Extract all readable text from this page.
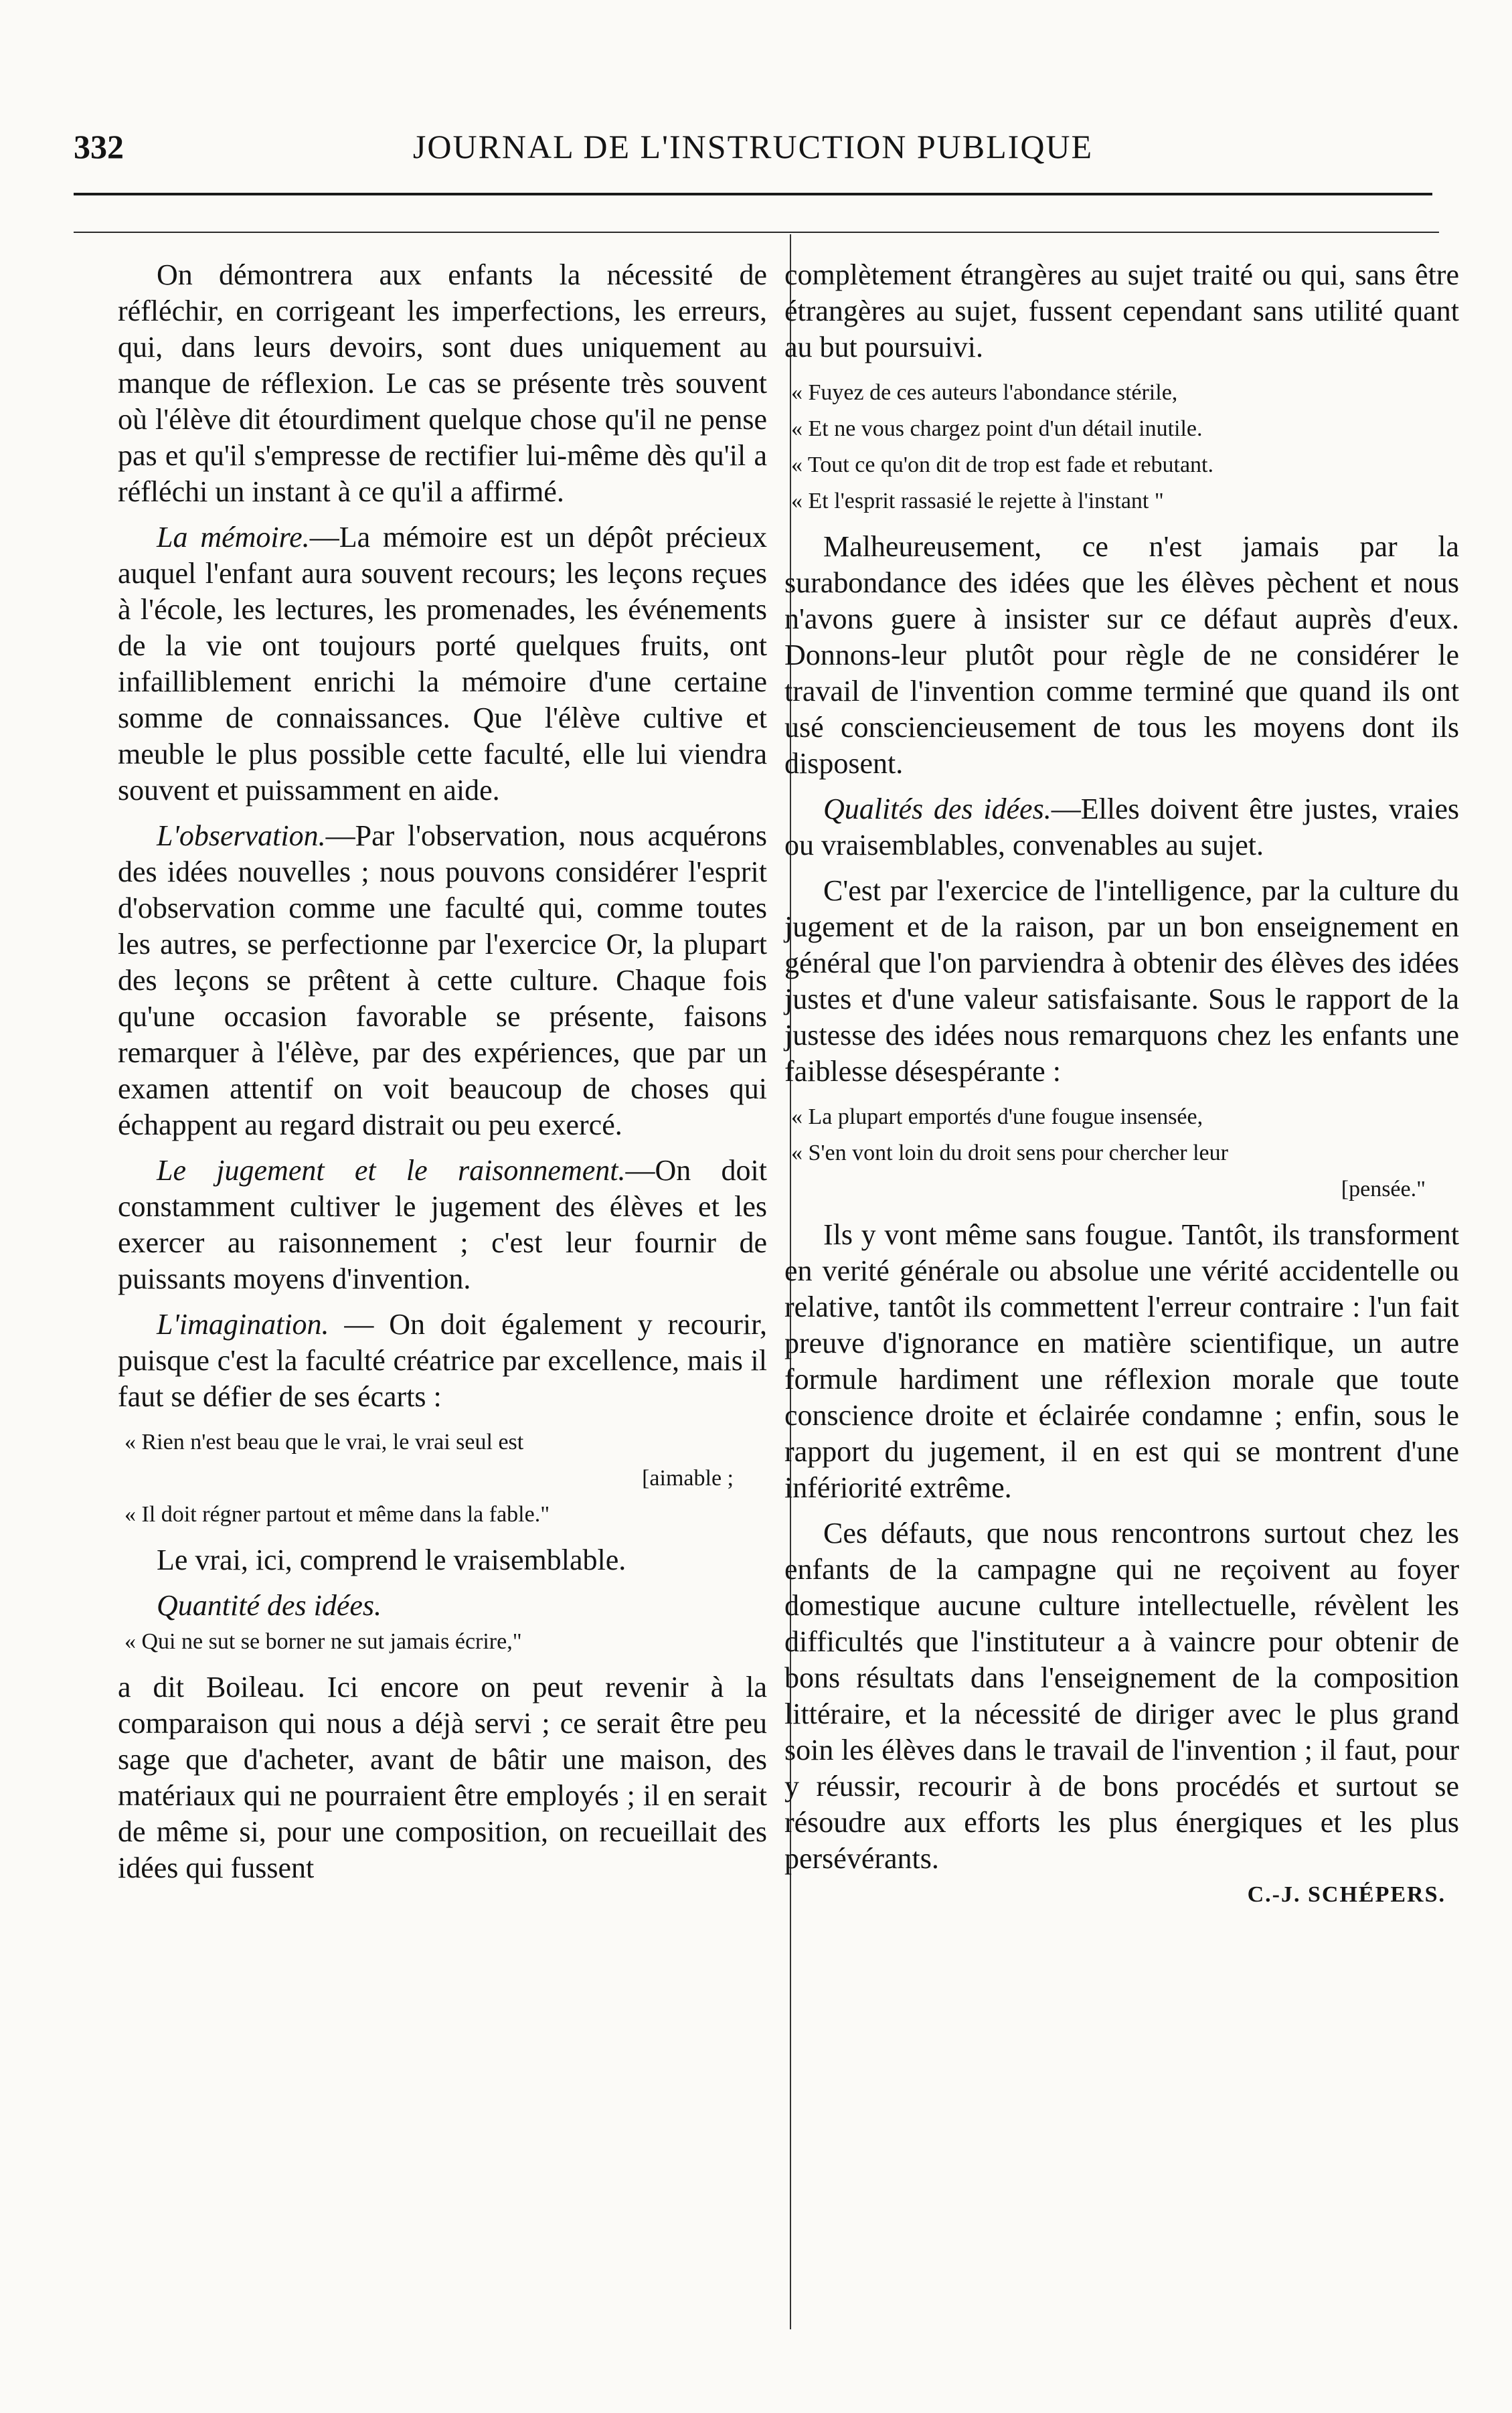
332	JOURNAL DE L'INSTRUCTION PUBLIQUE

On démontrera aux enfants la nécessité de réfléchir, en corrigeant les imperfections, les erreurs, qui, dans leurs devoirs, sont dues uniquement au manque de réflexion. Le cas se présente très souvent où l'élève dit étourdiment quelque chose qu'il ne pense pas et qu'il s'empresse de rectifier lui-même dès qu'il a réfléchi un instant à ce qu'il a affirmé.

La mémoire.—La mémoire est un dépôt précieux auquel l'enfant aura souvent recours; les leçons reçues à l'école, les lectures, les promenades, les événements de la vie ont toujours porté quelques fruits, ont infailliblement enrichi la mémoire d'une certaine somme de connaissances. Que l'élève cultive et meuble le plus possible cette faculté, elle lui viendra souvent et puissamment en aide.

L'observation.—Par l'observation, nous acquérons des idées nouvelles ; nous pouvons considérer l'esprit d'observation comme une faculté qui, comme toutes les autres, se perfectionne par l'exercice Or, la plupart des leçons se prêtent à cette culture. Chaque fois qu'une occasion favorable se présente, faisons remarquer à l'élève, par des expériences, que par un examen attentif on voit beaucoup de choses qui échappent au regard distrait ou peu exercé.

Le jugement et le raisonnement.—On doit constamment cultiver le jugement des élèves et les exercer au raisonnement ; c'est leur fournir de puissants moyens d'invention.

L'imagination. — On doit également y recourir, puisque c'est la faculté créatrice par excellence, mais il faut se défier de ses écarts :

« Rien n'est beau que le vrai, le vrai seul est

[aimable ;

« Il doit régner partout et même dans la fable."

Le vrai, ici, comprend le vraisemblable.

Quantité des idées.

« Qui ne sut se borner ne sut jamais écrire,"

a dit Boileau. Ici encore on peut revenir à la comparaison qui nous a déjà servi ; ce serait être peu sage que d'acheter, avant de bâtir une maison, des matériaux qui ne pourraient être employés ; il en serait de même si, pour une composition, on recueillait des idées qui fussent

complètement étrangères au sujet traité ou qui, sans être étrangères au sujet, fussent cependant sans utilité quant au but poursuivi.

« Fuyez de ces auteurs l'abondance stérile,

« Et ne vous chargez point d'un détail inutile.

« Tout ce qu'on dit de trop est fade et rebutant.

« Et l'esprit rassasié le rejette à l'instant "

Malheureusement, ce n'est jamais par la surabondance des idées que les élèves pèchent et nous n'avons guere à insister sur ce défaut auprès d'eux. Donnons-leur plutôt pour règle de ne considérer le travail de l'invention comme terminé que quand ils ont usé consciencieusement de tous les moyens dont ils disposent.

Qualités des idées.—Elles doivent être justes, vraies ou vraisemblables, convenables au sujet.

C'est par l'exercice de l'intelligence, par la culture du jugement et de la raison, par un bon enseignement en général que l'on parviendra à obtenir des élèves des idées justes et d'une valeur satisfaisante. Sous le rapport de la justesse des idées nous remarquons chez les enfants une faiblesse désespérante :

« La plupart emportés d'une fougue insensée,

« S'en vont loin du droit sens pour chercher leur

[pensée."

Ils y vont même sans fougue. Tantôt, ils transforment en verité générale ou absolue une vérité accidentelle ou relative, tantôt ils commettent l'erreur contraire : l'un fait preuve d'ignorance en matière scientifique, un autre formule hardiment une réflexion morale que toute conscience droite et éclairée condamne ; enfin, sous le rapport du jugement, il en est qui se montrent d'une infériorité extrême.

Ces défauts, que nous rencontrons surtout chez les enfants de la campagne qui ne reçoivent au foyer domestique aucune culture intellectuelle, révèlent les difficultés que l'instituteur a à vaincre pour obtenir de bons résultats dans l'enseignement de la composition littéraire, et la nécessité de diriger avec le plus grand soin les élèves dans le travail de l'invention ; il faut, pour y réussir, recourir à de bons procédés et surtout se résoudre aux efforts les plus énergiques et les plus persévérants.

C.-J. SCHÉPERS.
